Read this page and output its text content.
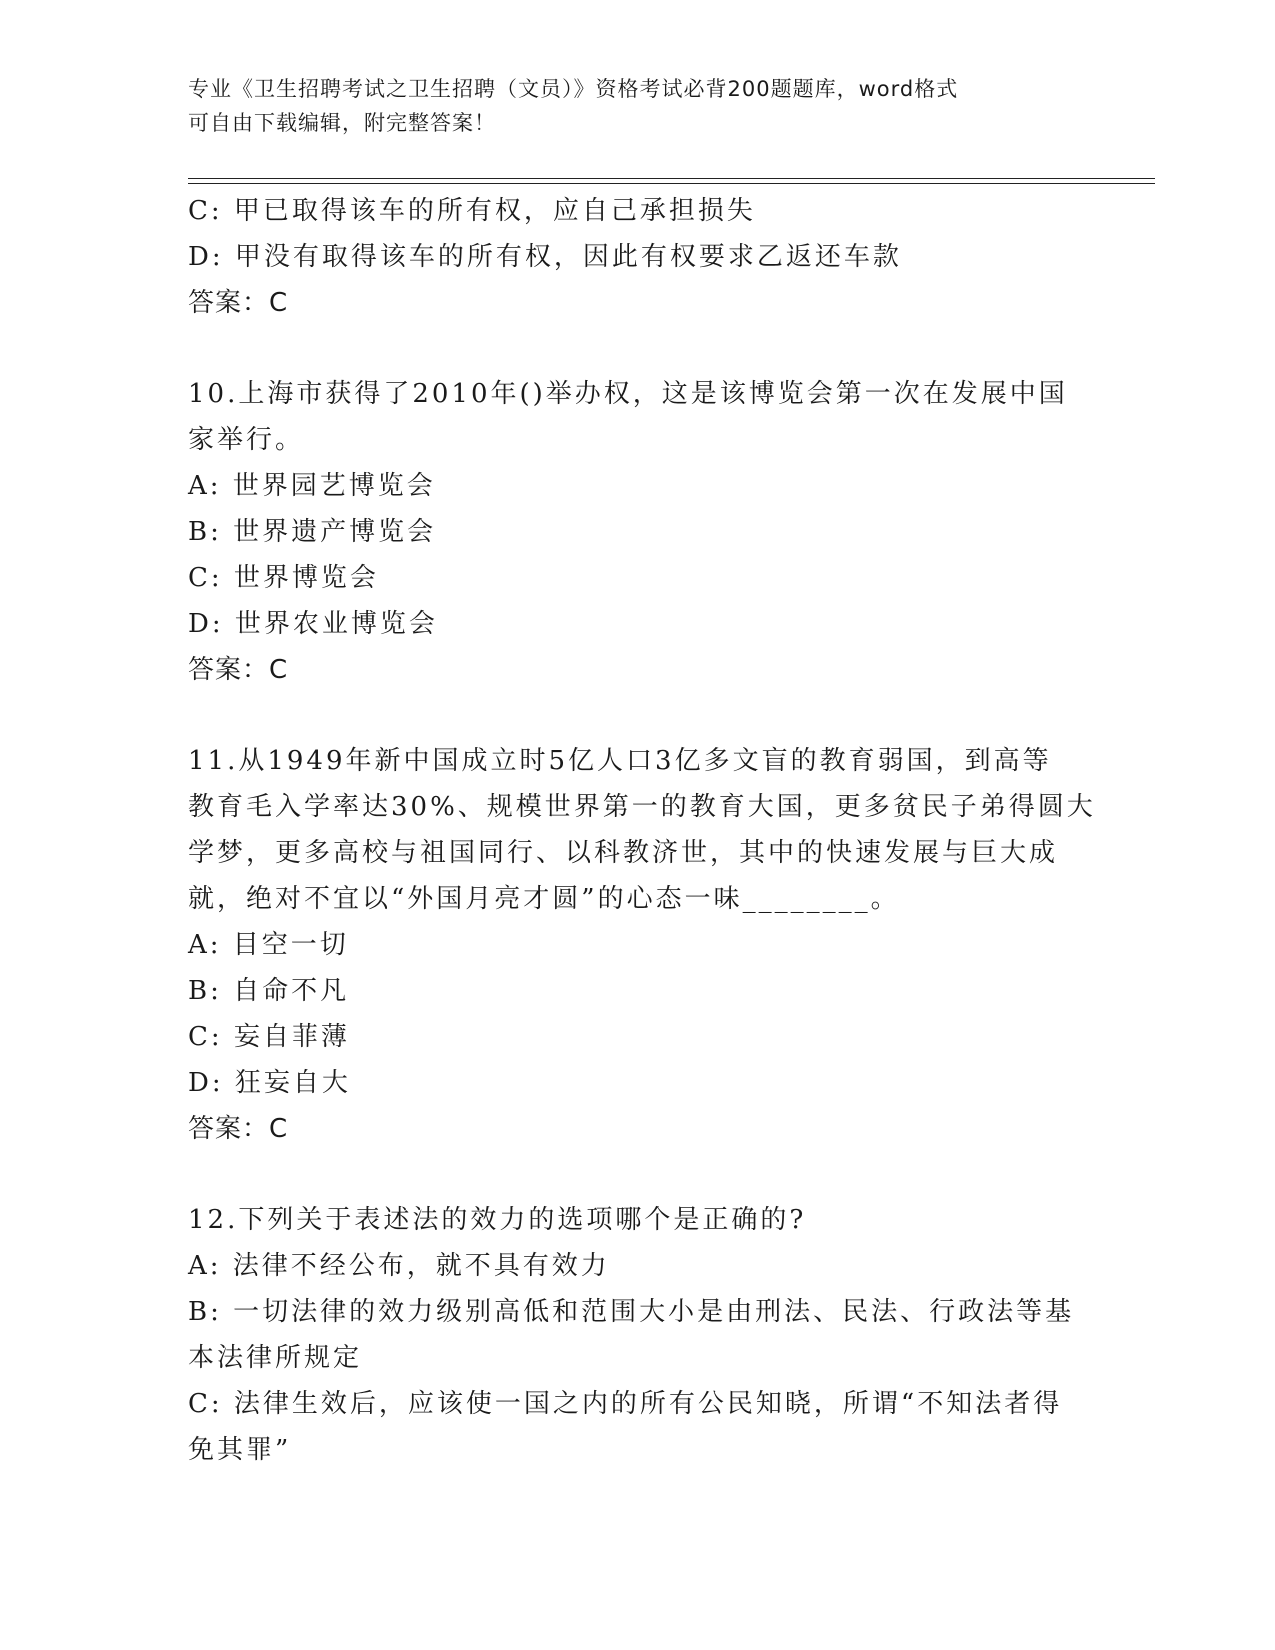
专业《卫生招聘考试之卫生招聘（文员）》资格考试必背200题题库，word格式
可自由下载编辑，附完整答案！
C: 甲已取得该车的所有权，应自己承担损失
D: 甲没有取得该车的所有权，因此有权要求乙返还车款
答案：C
10.上海市获得了2010年()举办权，这是该博览会第一次在发展中国
家举行。
A: 世界园艺博览会
B: 世界遗产博览会
C: 世界博览会
D: 世界农业博览会
答案：C
11.从1949年新中国成立时5亿人口3亿多文盲的教育弱国，到高等
教育毛入学率达30%、规模世界第一的教育大国，更多贫民子弟得圆大
学梦，更多高校与祖国同行、以科教济世，其中的快速发展与巨大成
就，绝对不宜以“外国月亮才圆”的心态一味________。
A: 目空一切
B: 自命不凡
C: 妄自菲薄
D: 狂妄自大
答案：C
12.下列关于表述法的效力的选项哪个是正确的?
A: 法律不经公布，就不具有效力
B: 一切法律的效力级别高低和范围大小是由刑法、民法、行政法等基
本法律所规定
C: 法律生效后，应该使一国之内的所有公民知晓，所谓“不知法者得
免其罪”
